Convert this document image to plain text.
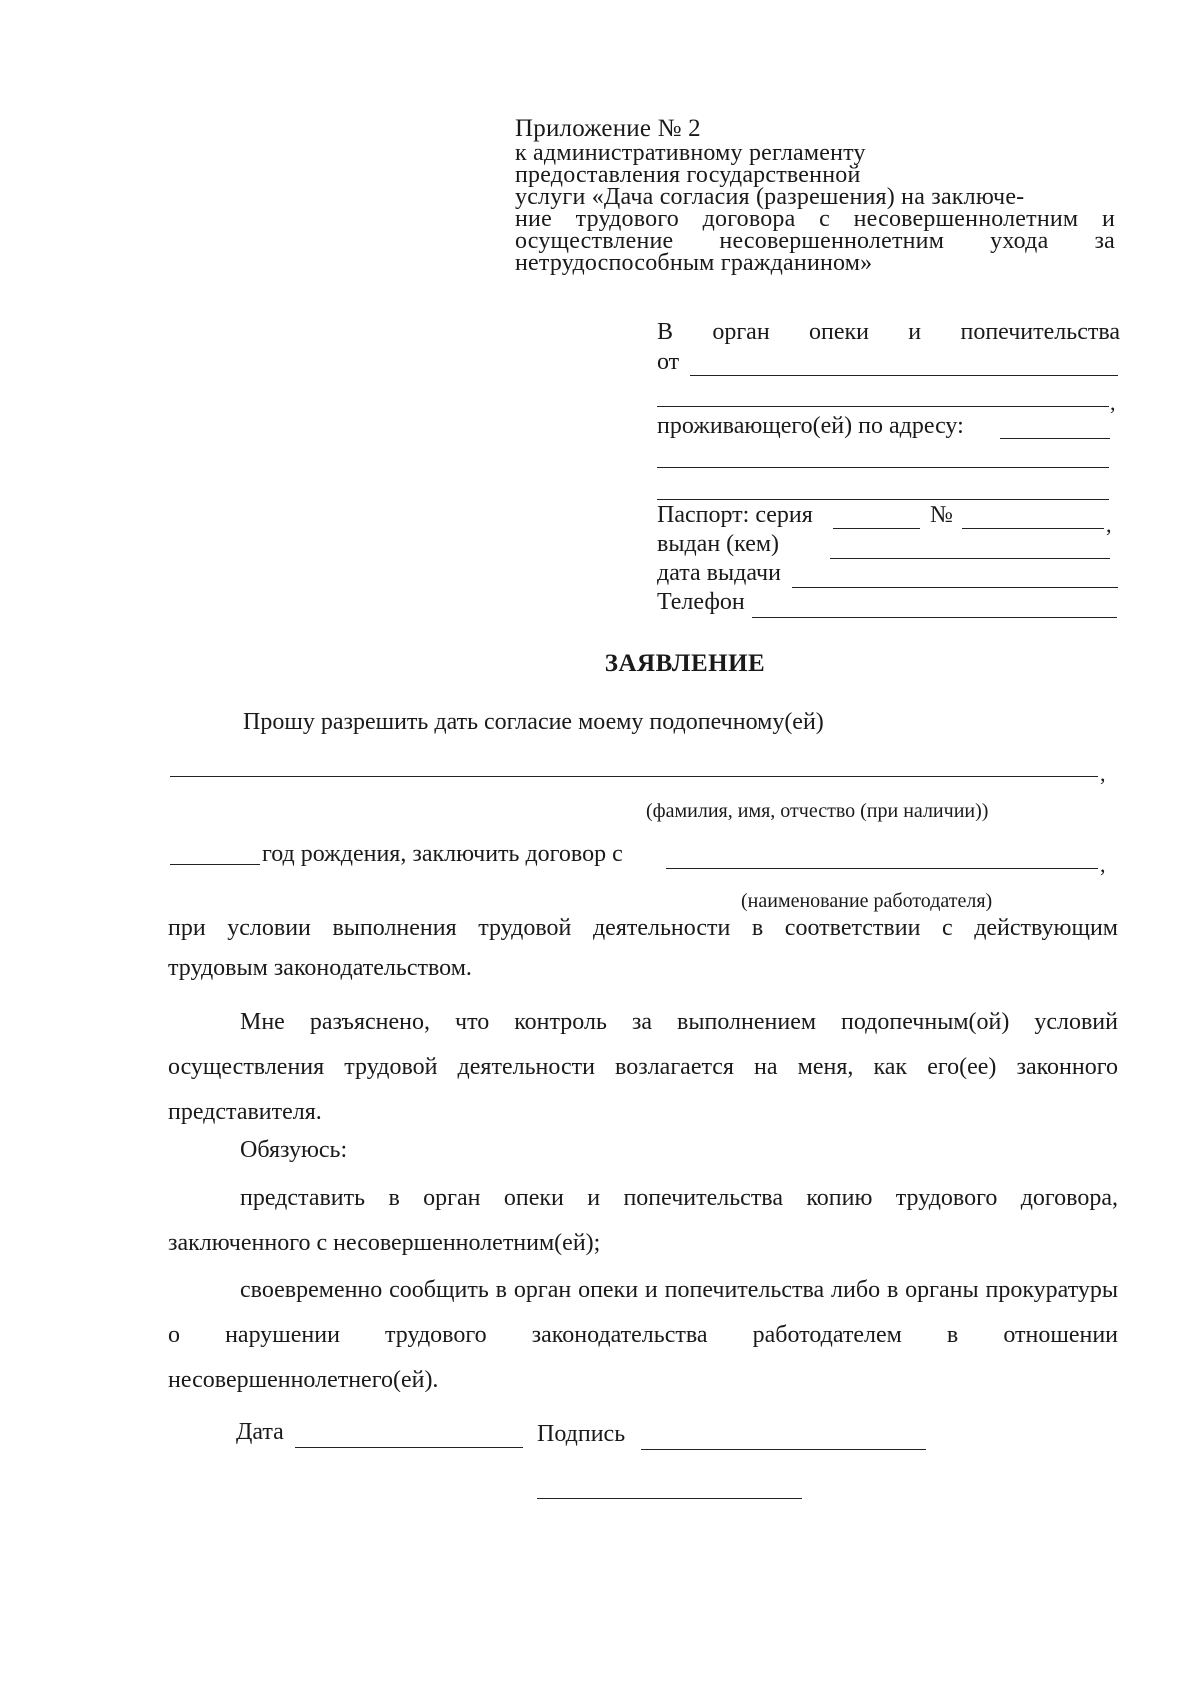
Приложение № 2
к административному регламенту
предоставления государственной
услуги «Дача согласия (разрешения) на заключе-
ние трудового договора с несовершеннолетним и
осуществление несовершеннолетним ухода за
нетрудоспособным гражданином»
В орган опеки и попечительства
от
,
проживающего(ей) по адресу:
Паспорт: серия	№	,
выдан (кем)
дата выдачи
Телефон
ЗАЯВЛЕНИЕ
Прошу разрешить дать согласие моему подопечному(ей)
,
(фамилия, имя, отчество (при наличии))
год рождения, заключить договор с	,
(наименование работодателя)
при условии выполнения трудовой деятельности в соответствии с действующим
трудовым законодательством.
Мне разъяснено, что контроль за выполнением подопечным(ой) условий осуществления трудовой деятельности возлагается на меня, как его(ее) законного представителя.
Обязуюсь:
представить в орган опеки и попечительства копию трудового договора, заключенного с несовершеннолетним(ей);
своевременно сообщить в орган опеки и попечительства либо в органы прокуратуры о нарушении трудового законодательства работодателем в отношении несовершеннолетнего(ей).
Дата	Подпись
